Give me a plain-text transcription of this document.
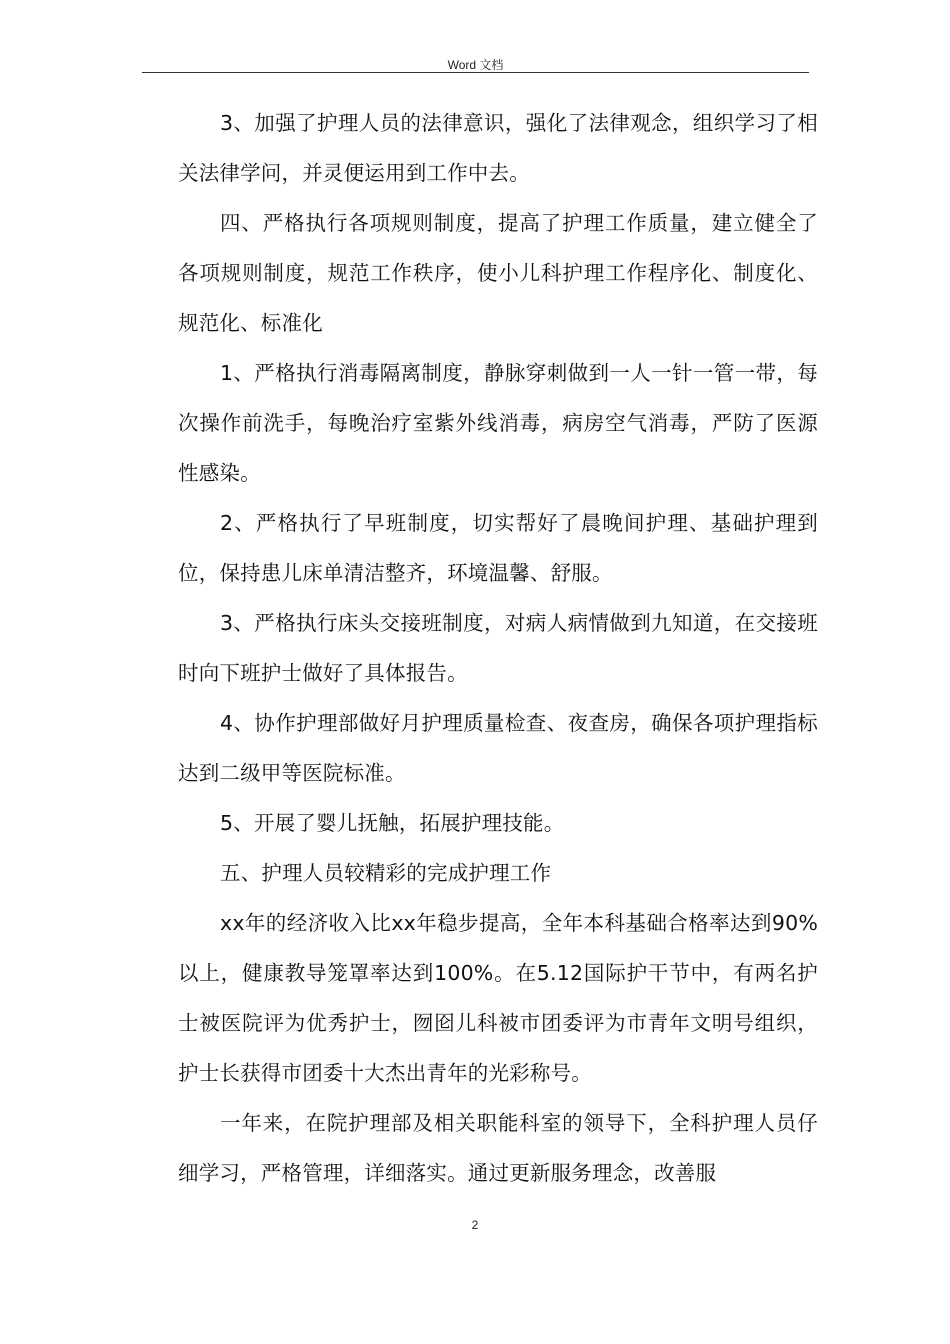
Word 文档

3、加强了护理人员的法律意识，强化了法律观念，组织学习了相关法律学问，并灵便运用到工作中去。

四、严格执行各项规则制度，提高了护理工作质量，建立健全了各项规则制度，规范工作秩序，使小儿科护理工作程序化、制度化、规范化、标准化

1、严格执行消毒隔离制度，静脉穿刺做到一人一针一管一带，每次操作前洗手，每晚治疗室紫外线消毒，病房空气消毒，严防了医源性感染。

2、严格执行了早班制度，切实帮好了晨晚间护理、基础护理到位，保持患儿床单清洁整齐，环境温馨、舒服。

3、严格执行床头交接班制度，对病人病情做到九知道，在交接班时向下班护士做好了具体报告。

4、协作护理部做好月护理质量检查、夜查房，确保各项护理指标达到二级甲等医院标准。

5、开展了婴儿抚触，拓展护理技能。

五、护理人员较精彩的完成护理工作

xx年的经济收入比xx年稳步提高，全年本科基础合格率达到90%以上，健康教导笼罩率达到100%。在5.12国际护干节中，有两名护士被医院评为优秀护士，囫囵儿科被市团委评为市青年文明号组织，护士长获得市团委十大杰出青年的光彩称号。

一年来，在院护理部及相关职能科室的领导下，全科护理人员仔细学习，严格管理，详细落实。通过更新服务理念，改善服

2
